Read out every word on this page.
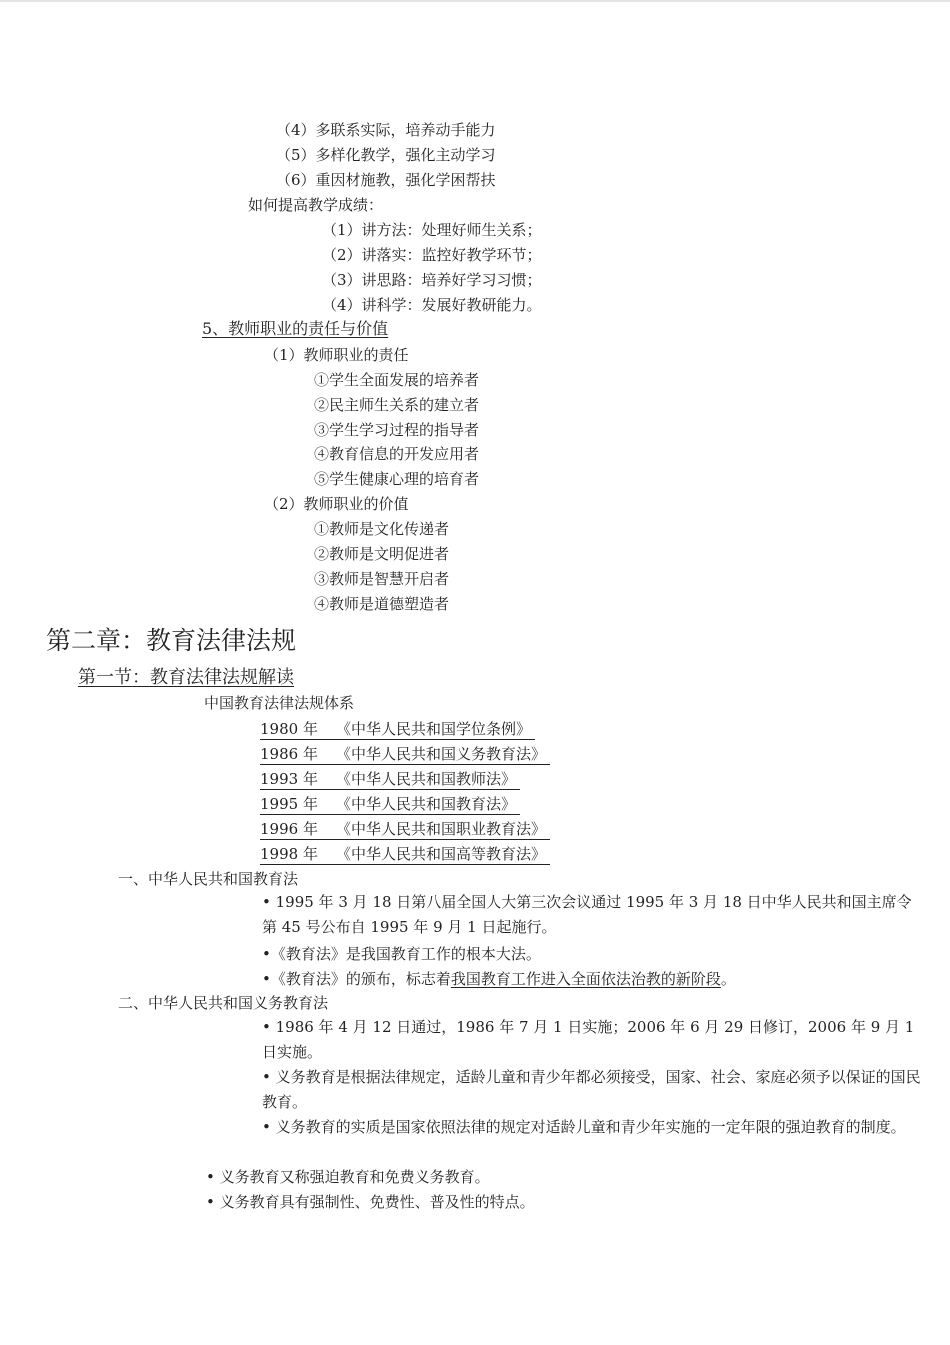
（4）多联系实际，培养动手能力
（5）多样化教学，强化主动学习
（6）重因材施教，强化学困帮扶
如何提高教学成绩：
（1）讲方法：处理好师生关系；
（2）讲落实：监控好教学环节；
（3）讲思路：培养好学习习惯；
（4）讲科学：发展好教研能力。
5、教师职业的责任与价值
（1）教师职业的责任
①学生全面发展的培养者
②民主师生关系的建立者
③学生学习过程的指导者
④教育信息的开发应用者
⑤学生健康心理的培育者
（2）教师职业的价值
①教师是文化传递者
②教师是文明促进者
③教师是智慧开启者
④教师是道德塑造者
第二章：教育法律法规
第一节：教育法律法规解读
中国教育法律法规体系
1980 年 《中华人民共和国学位条例》
1986 年 《中华人民共和国义务教育法》
1993 年 《中华人民共和国教师法》
1995 年 《中华人民共和国教育法》
1996 年 《中华人民共和国职业教育法》
1998 年 《中华人民共和国高等教育法》
一、中华人民共和国教育法
• 1995 年 3 月 18 日第八届全国人大第三次会议通过 1995 年 3 月 18 日中华人民共和国主席令第 45 号公布自 1995 年 9 月 1 日起施行。
•《教育法》是我国教育工作的根本大法。
•《教育法》的颁布，标志着我国教育工作进入全面依法治教的新阶段。
二、中华人民共和国义务教育法
• 1986 年 4 月 12 日通过，1986 年 7 月 1 日实施；2006 年 6 月 29 日修订，2006 年 9 月 1 日实施。
• 义务教育是根据法律规定，适龄儿童和青少年都必须接受，国家、社会、家庭必须予以保证的国民教育。
• 义务教育的实质是国家依照法律的规定对适龄儿童和青少年实施的一定年限的强迫教育的制度。
• 义务教育又称强迫教育和免费义务教育。
• 义务教育具有强制性、免费性、普及性的特点。
